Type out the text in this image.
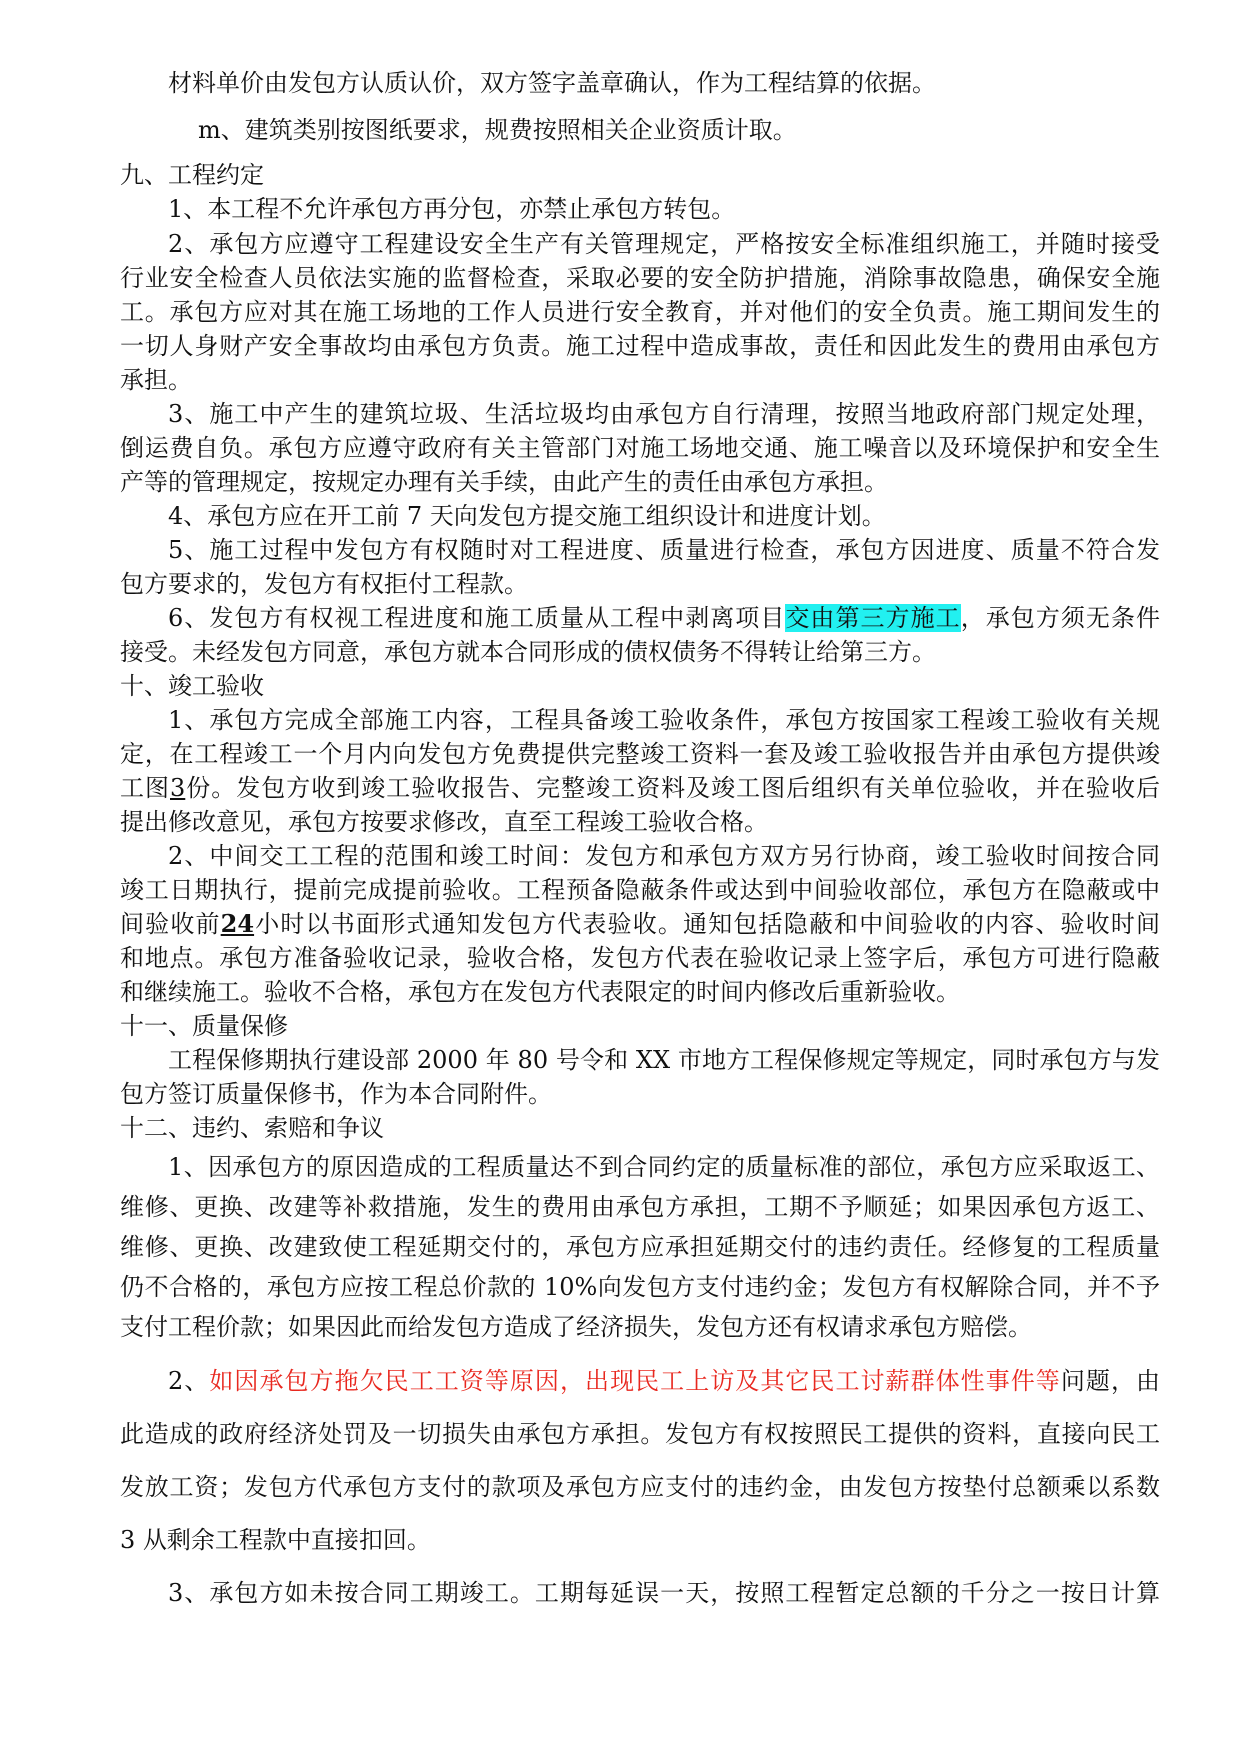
材料单价由发包方认质认价，双方签字盖章确认，作为工程结算的依据。
m、建筑类别按图纸要求，规费按照相关企业资质计取。
九、工程约定
1、本工程不允许承包方再分包，亦禁止承包方转包。
2、承包方应遵守工程建设安全生产有关管理规定，严格按安全标准组织施工，并随时接受
行业安全检查人员依法实施的监督检查，采取必要的安全防护措施，消除事故隐患，确保安全施
工。承包方应对其在施工场地的工作人员进行安全教育，并对他们的安全负责。施工期间发生的
一切人身财产安全事故均由承包方负责。施工过程中造成事故，责任和因此发生的费用由承包方
承担。
3、施工中产生的建筑垃圾、生活垃圾均由承包方自行清理，按照当地政府部门规定处理，
倒运费自负。承包方应遵守政府有关主管部门对施工场地交通、施工噪音以及环境保护和安全生
产等的管理规定，按规定办理有关手续，由此产生的责任由承包方承担。
4、承包方应在开工前 7 天向发包方提交施工组织设计和进度计划。
5、施工过程中发包方有权随时对工程进度、质量进行检查，承包方因进度、质量不符合发
包方要求的，发包方有权拒付工程款。
6、发包方有权视工程进度和施工质量从工程中剥离项目交由第三方施工，承包方须无条件
接受。未经发包方同意，承包方就本合同形成的债权债务不得转让给第三方。
十、竣工验收
1、承包方完成全部施工内容，工程具备竣工验收条件，承包方按国家工程竣工验收有关规
定，在工程竣工一个月内向发包方免费提供完整竣工资料一套及竣工验收报告并由承包方提供竣
工图3份。发包方收到竣工验收报告、完整竣工资料及竣工图后组织有关单位验收，并在验收后
提出修改意见，承包方按要求修改，直至工程竣工验收合格。
2、中间交工工程的范围和竣工时间：发包方和承包方双方另行协商，竣工验收时间按合同
竣工日期执行，提前完成提前验收。工程预备隐蔽条件或达到中间验收部位，承包方在隐蔽或中
间验收前24小时以书面形式通知发包方代表验收。通知包括隐蔽和中间验收的内容、验收时间
和地点。承包方准备验收记录，验收合格，发包方代表在验收记录上签字后，承包方可进行隐蔽
和继续施工。验收不合格，承包方在发包方代表限定的时间内修改后重新验收。
十一、质量保修
工程保修期执行建设部 2000 年 80 号令和 XX 市地方工程保修规定等规定，同时承包方与发
包方签订质量保修书，作为本合同附件。
十二、违约、索赔和争议
1、因承包方的原因造成的工程质量达不到合同约定的质量标准的部位，承包方应采取返工、
维修、更换、改建等补救措施，发生的费用由承包方承担，工期不予顺延；如果因承包方返工、
维修、更换、改建致使工程延期交付的，承包方应承担延期交付的违约责任。经修复的工程质量
仍不合格的，承包方应按工程总价款的 10%向发包方支付违约金；发包方有权解除合同，并不予
支付工程价款；如果因此而给发包方造成了经济损失，发包方还有权请求承包方赔偿。
2、如因承包方拖欠民工工资等原因，出现民工上访及其它民工讨薪群体性事件等问题，由
此造成的政府经济处罚及一切损失由承包方承担。发包方有权按照民工提供的资料，直接向民工
发放工资；发包方代承包方支付的款项及承包方应支付的违约金，由发包方按垫付总额乘以系数
3 从剩余工程款中直接扣回。
3、承包方如未按合同工期竣工。工期每延误一天，按照工程暂定总额的千分之一按日计算
